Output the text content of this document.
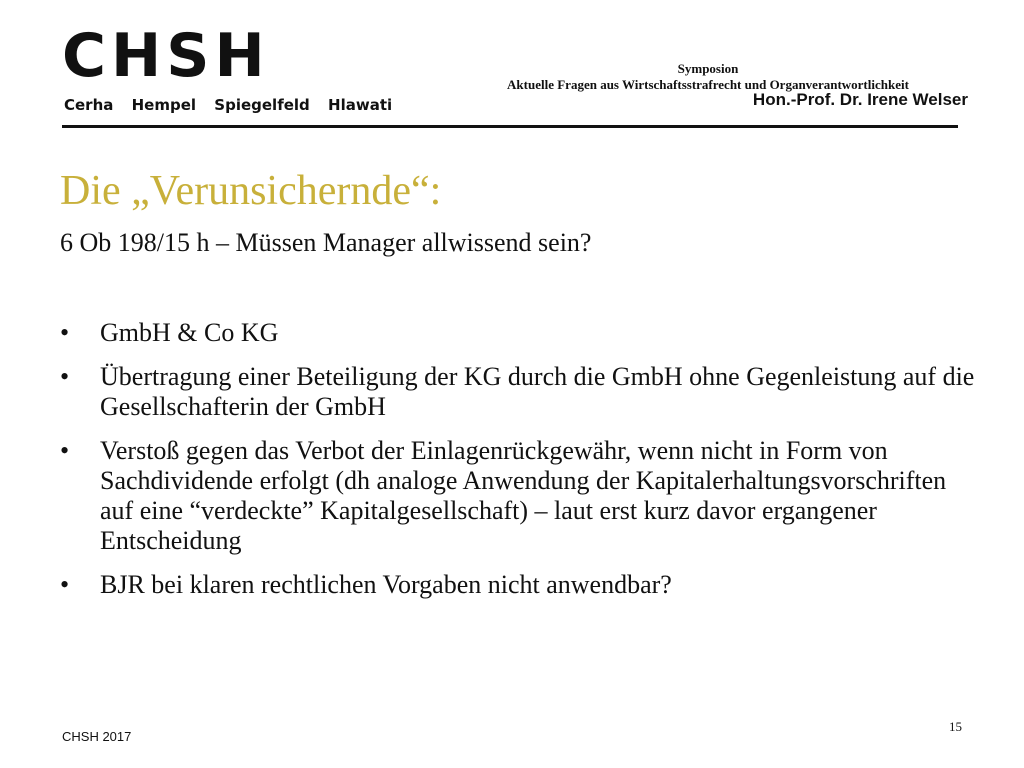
CHSH
Cerha Hempel Spiegelfeld Hlawati
Symposion
Aktuelle Fragen aus Wirtschaftsstrafrecht und Organverantwortlichkeit
Hon.-Prof. Dr. Irene Welser
Die „Verunsichernde“:
6 Ob 198/15 h – Müssen Manager allwissend sein?
• GmbH & Co KG
• Übertragung einer Beteiligung der KG durch die GmbH ohne Gegenleistung auf die Gesellschafterin der GmbH
• Verstoß gegen das Verbot der Einlagenrückgewähr, wenn nicht in Form von Sachdividende erfolgt (dh analoge Anwendung der Kapitalerhaltungsvorschriften auf eine “verdeckte” Kapitalgesellschaft) – laut erst kurz davor ergangener Entscheidung
• BJR bei klaren rechtlichen Vorgaben nicht anwendbar?
CHSH 2017
15
